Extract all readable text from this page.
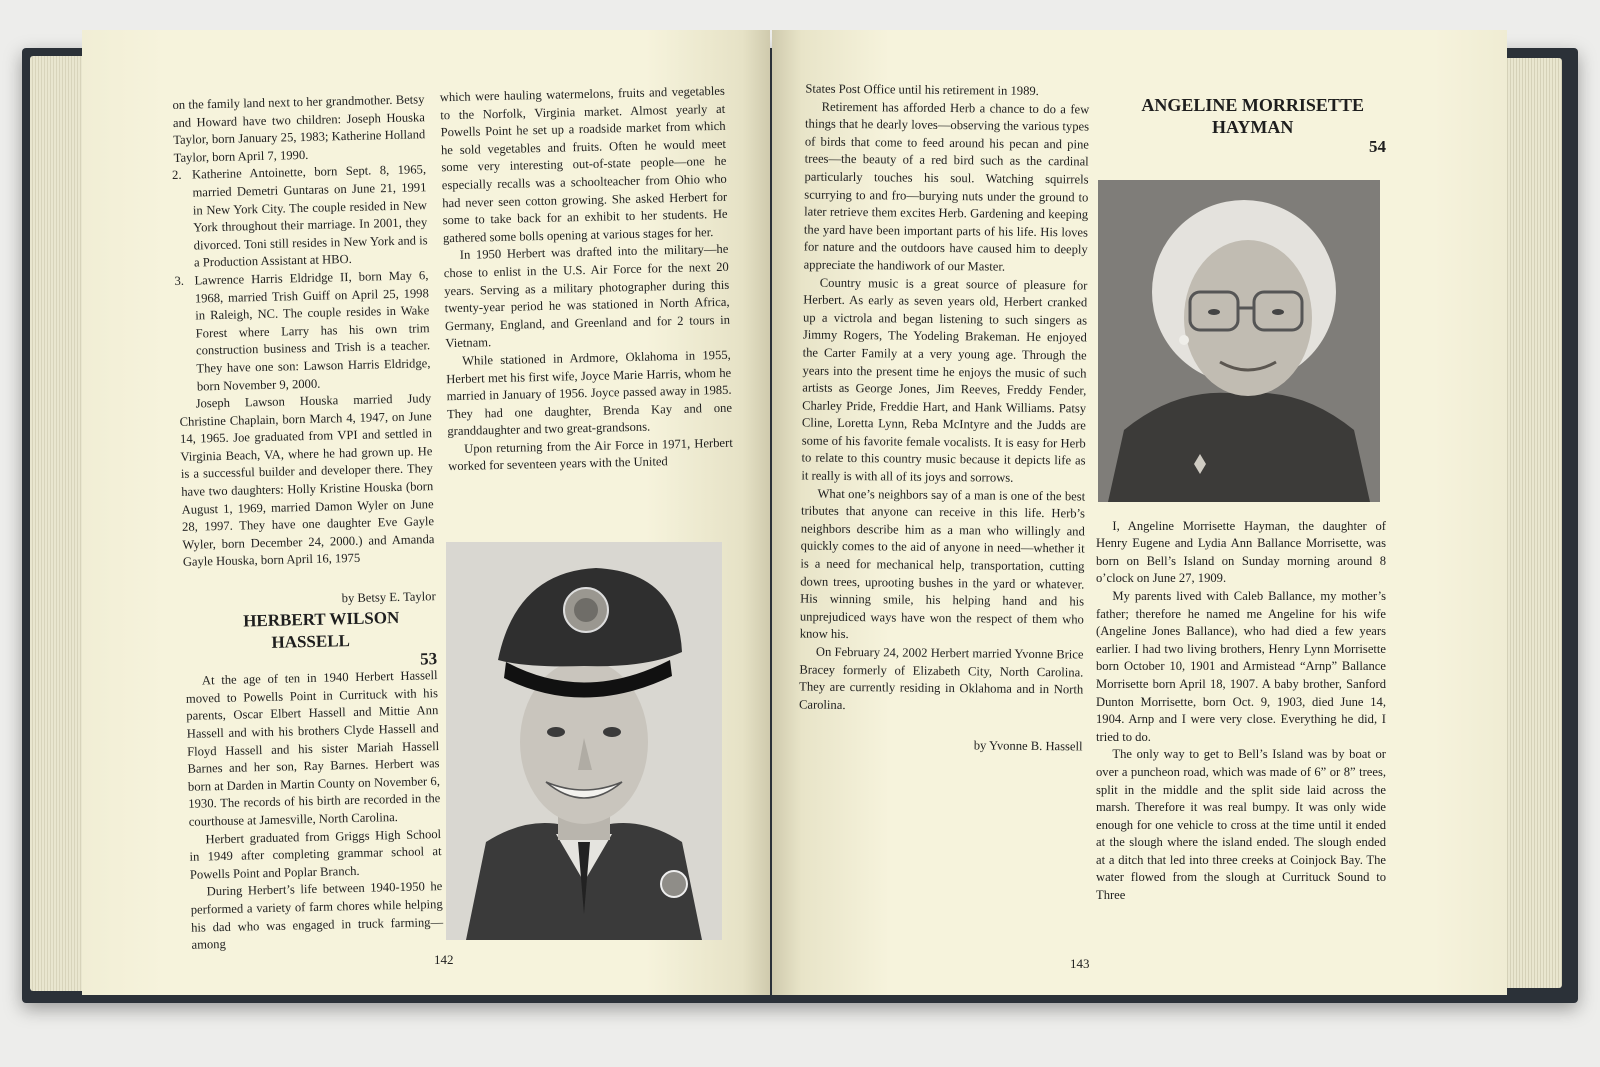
on the family land next to her grandmother. Betsy and Howard have two children: Joseph Houska Taylor, born January 25, 1983; Katherine Holland Taylor, born April 7, 1990.

2. Katherine Antoinette, born Sept. 8, 1965, married Demetri Guntaras on June 21, 1991 in New York City. The couple resided in New York throughout their marriage. In 2001, they divorced. Toni still resides in New York and is a Production Assistant at HBO.

3. Lawrence Harris Eldridge II, born May 6, 1968, married Trish Guiff on April 25, 1998 in Raleigh, NC. The couple resides in Wake Forest where Larry has his own trim construction business and Trish is a teacher. They have one son: Lawson Harris Eldridge, born November 9, 2000.

Joseph Lawson Houska married Judy Christine Chaplain, born March 4, 1947, on June 14, 1965. Joe graduated from VPI and settled in Virginia Beach, VA, where he had grown up. He is a successful builder and developer there. They have two daughters: Holly Kristine Houska (born August 1, 1969, married Damon Wyler on June 28, 1997. They have one daughter Eve Gayle Wyler, born December 24, 2000.) and Amanda Gayle Houska, born April 16, 1975

by Betsy E. Taylor

HERBERT WILSON HASSELL

53

At the age of ten in 1940 Herbert Hassell moved to Powells Point in Currituck with his parents, Oscar Elbert Hassell and Mittie Ann Hassell and with his brothers Clyde Hassell and Floyd Hassell and his sister Mariah Hassell Barnes and her son, Ray Barnes. Herbert was born at Darden in Martin County on November 6, 1930. The records of his birth are recorded in the courthouse at Jamesville, North Carolina.

Herbert graduated from Griggs High School in 1949 after completing grammar school at Powells Point and Poplar Branch.

During Herbert’s life between 1940-1950 he performed a variety of farm chores while helping his dad who was engaged in truck farming—among

which were hauling watermelons, fruits and vegetables to the Norfolk, Virginia market. Almost yearly at Powells Point he set up a roadside market from which he sold vegetables and fruits. Often he would meet some very interesting out-of-state people—one he especially recalls was a schoolteacher from Ohio who had never seen cotton growing. She asked Herbert for some to take back for an exhibit to her students. He gathered some bolls opening at various stages for her.

In 1950 Herbert was drafted into the military—he chose to enlist in the U.S. Air Force for the next 20 years. Serving as a military photographer during this twenty-year period he was stationed in North Africa, Germany, England, and Greenland and for 2 tours in Vietnam.

While stationed in Ardmore, Oklahoma in 1955, Herbert met his first wife, Joyce Marie Harris, whom he married in January of 1956. Joyce passed away in 1985. They had one daughter, Brenda Kay and one granddaughter and two great-grandsons.

Upon returning from the Air Force in 1971, Herbert worked for seventeen years with the United

142

States Post Office until his retirement in 1989.

Retirement has afforded Herb a chance to do a few things that he dearly loves—observing the various types of birds that come to feed around his pecan and pine trees—the beauty of a red bird such as the cardinal particularly touches his soul. Watching squirrels scurrying to and fro—burying nuts under the ground to later retrieve them excites Herb. Gardening and keeping the yard have been important parts of his life. His loves for nature and the outdoors have caused him to deeply appreciate the handiwork of our Master.

Country music is a great source of pleasure for Herbert. As early as seven years old, Herbert cranked up a victrola and began listening to such singers as Jimmy Rogers, The Yodeling Brakeman. He enjoyed the Carter Family at a very young age. Through the years into the present time he enjoys the music of such artists as George Jones, Jim Reeves, Freddy Fender, Charley Pride, Freddie Hart, and Hank Williams. Patsy Cline, Loretta Lynn, Reba McIntyre and the Judds are some of his favorite female vocalists. It is easy for Herb to relate to this country music because it depicts life as it really is with all of its joys and sorrows.

What one’s neighbors say of a man is one of the best tributes that anyone can receive in this life. Herb’s neighbors describe him as a man who willingly and quickly comes to the aid of anyone in need—whether it is a need for mechanical help, transportation, cutting down trees, uprooting bushes in the yard or whatever. His winning smile, his helping hand and his unprejudiced ways have won the respect of them who know his.

On February 24, 2002 Herbert married Yvonne Brice Bracey formerly of Elizabeth City, North Carolina. They are currently residing in Oklahoma and in North Carolina.

by Yvonne B. Hassell

ANGELINE MORRISETTE

HAYMAN

54

I, Angeline Morrisette Hayman, the daughter of Henry Eugene and Lydia Ann Ballance Morrisette, was born on Bell’s Island on Sunday morning around 8 o’clock on June 27, 1909.

My parents lived with Caleb Ballance, my mother’s father; therefore he named me Angeline for his wife (Angeline Jones Ballance), who had died a few years earlier. I had two living brothers, Henry Lynn Morrisette born October 10, 1901 and Armistead “Arnp” Ballance Morrisette born April 18, 1907. A baby brother, Sanford Dunton Morrisette, born Oct. 9, 1903, died June 14, 1904. Arnp and I were very close. Everything he did, I tried to do.

The only way to get to Bell’s Island was by boat or over a puncheon road, which was made of 6” or 8” trees, split in the middle and the split side laid across the marsh. Therefore it was real bumpy. It was only wide enough for one vehicle to cross at the time until it ended at the slough where the island ended. The slough ended at a ditch that led into three creeks at Coinjock Bay. The water flowed from the slough at Currituck Sound to Three

143
